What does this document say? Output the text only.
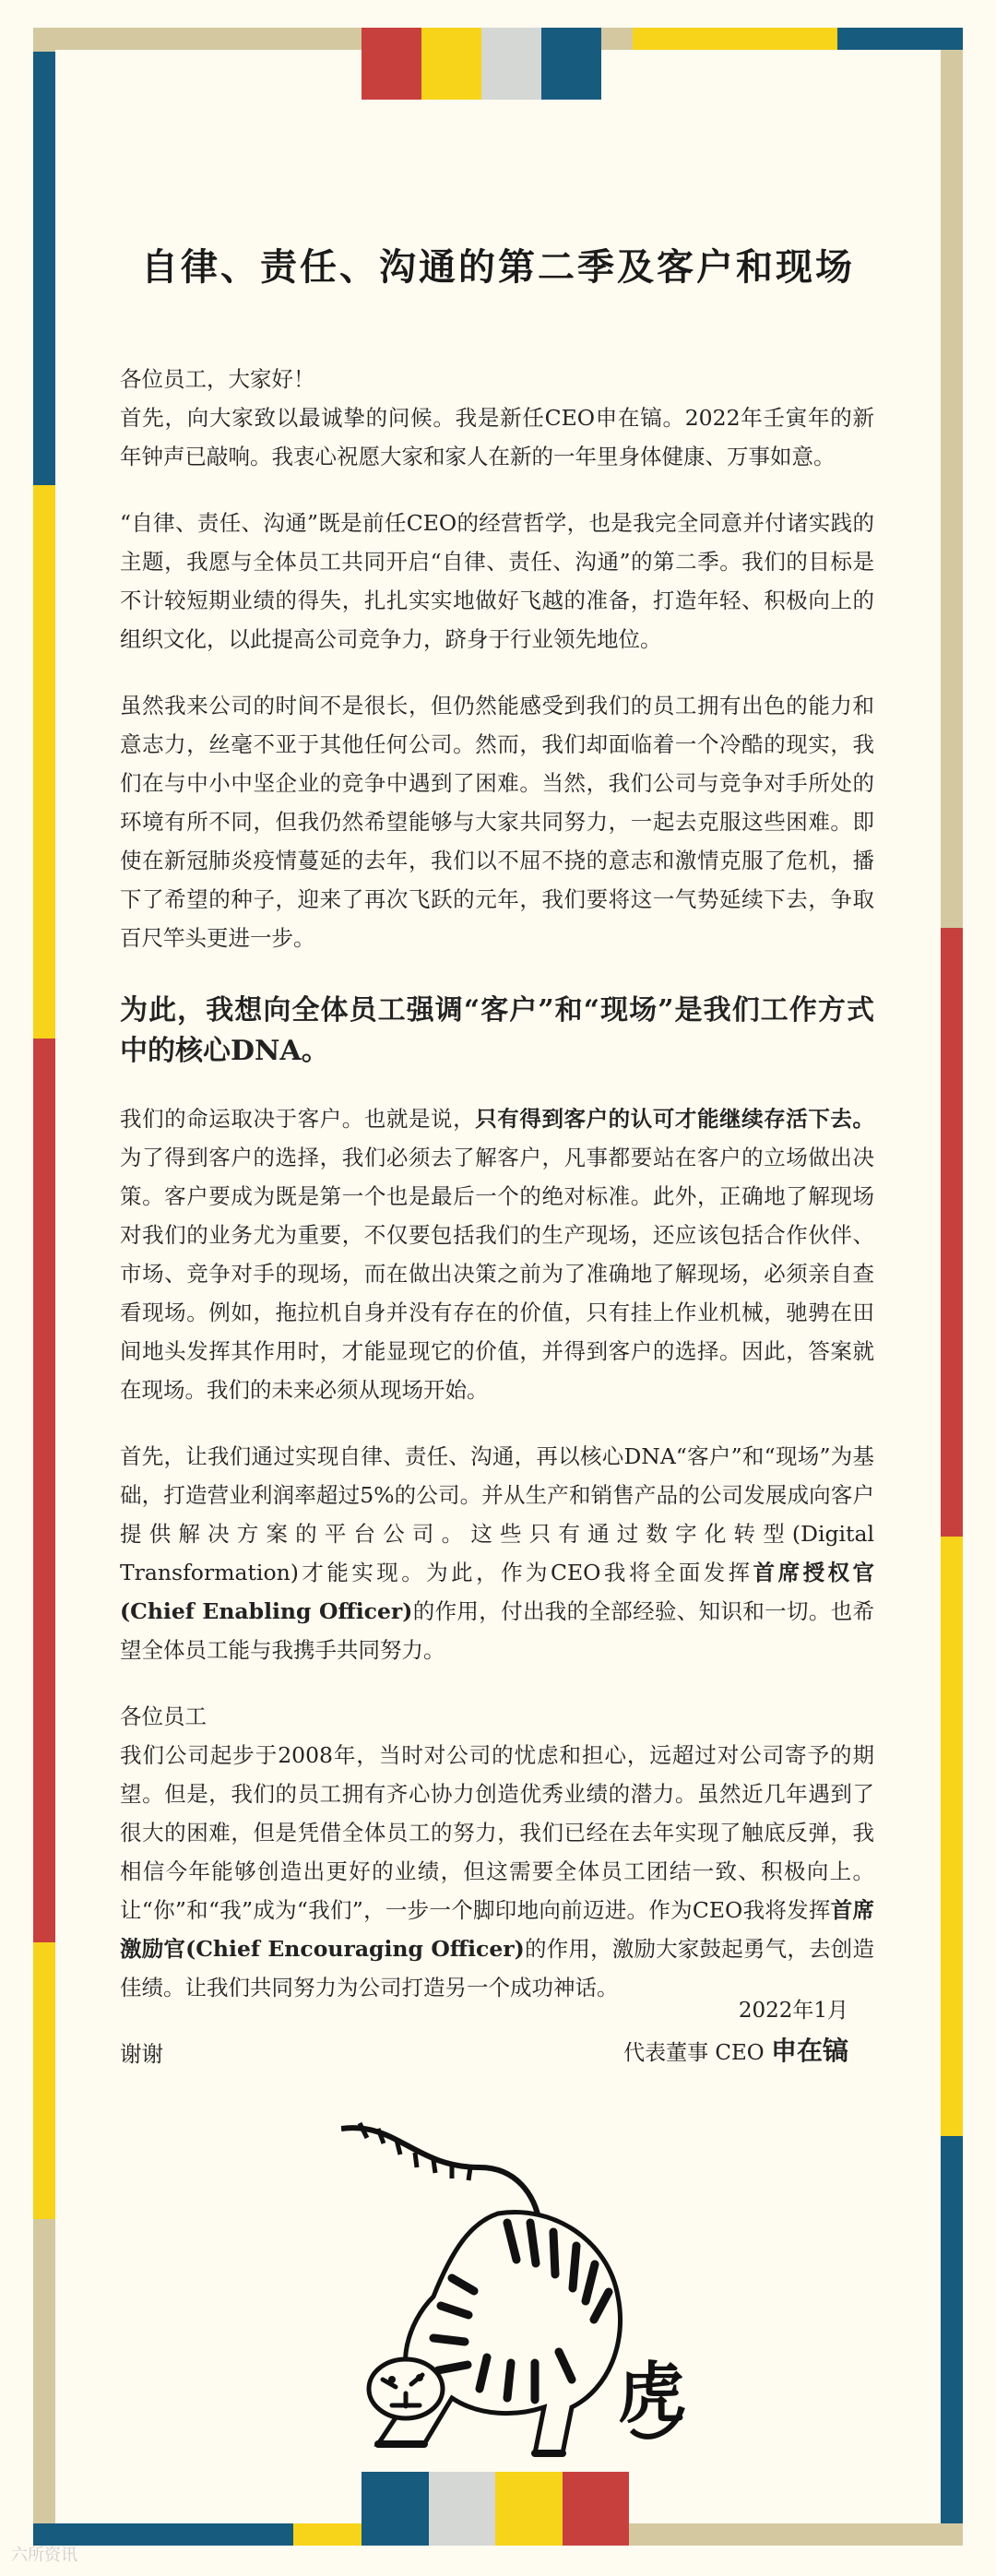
自律、责任、沟通的第二季及客户和现场

各位员工，大家好！

首先，向大家致以最诚挚的问候。我是新任CEO申在镐。2022年壬寅年的新年钟声已敲响。我衷心祝愿大家和家人在新的一年里身体健康、万事如意。

“自律、责任、沟通”既是前任CEO的经营哲学，也是我完全同意并付诸实践的主题，我愿与全体员工共同开启“自律、责任、沟通”的第二季。我们的目标是不计较短期业绩的得失，扎扎实实地做好飞越的准备，打造年轻、积极向上的组织文化，以此提高公司竞争力，跻身于行业领先地位。

虽然我来公司的时间不是很长，但仍然能感受到我们的员工拥有出色的能力和意志力，丝毫不亚于其他任何公司。然而，我们却面临着一个冷酷的现实，我们在与中小中坚企业的竞争中遇到了困难。当然，我们公司与竞争对手所处的环境有所不同，但我仍然希望能够与大家共同努力，一起去克服这些困难。即使在新冠肺炎疫情蔓延的去年，我们以不屈不挠的意志和激情克服了危机，播下了希望的种子，迎来了再次飞跃的元年，我们要将这一气势延续下去，争取百尺竿头更进一步。

为此，我想向全体员工强调“客户”和“现场”是我们工作方式中的核心DNA。

我们的命运取决于客户。也就是说，只有得到客户的认可才能继续存活下去。为了得到客户的选择，我们必须去了解客户，凡事都要站在客户的立场做出决策。客户要成为既是第一个也是最后一个的绝对标准。此外，正确地了解现场对我们的业务尤为重要，不仅要包括我们的生产现场，还应该包括合作伙伴、市场、竞争对手的现场，而在做出决策之前为了准确地了解现场，必须亲自查看现场。例如，拖拉机自身并没有存在的价值，只有挂上作业机械，驰骋在田间地头发挥其作用时，才能显现它的价值，并得到客户的选择。因此，答案就在现场。我们的未来必须从现场开始。

首先，让我们通过实现自律、责任、沟通，再以核心DNA“客户”和“现场”为基础，打造营业利润率超过5%的公司。并从生产和销售产品的公司发展成向客户提供解决方案的平台公司。这些只有通过数字化转型(Digital Transformation)才能实现。为此，作为CEO我将全面发挥首席授权官(Chief Enabling Officer)的作用，付出我的全部经验、知识和一切。也希望全体员工能与我携手共同努力。

各位员工

我们公司起步于2008年，当时对公司的忧虑和担心，远超过对公司寄予的期望。但是，我们的员工拥有齐心协力创造优秀业绩的潜力。虽然近几年遇到了很大的困难，但是凭借全体员工的努力，我们已经在去年实现了触底反弹，我相信今年能够创造出更好的业绩，但这需要全体员工团结一致、积极向上。让“你”和“我”成为“我们”，一步一个脚印地向前迈进。作为CEO我将发挥首席激励官(Chief Encouraging Officer)的作用，激励大家鼓起勇气，去创造佳绩。让我们共同努力为公司打造另一个成功神话。

谢谢

2022年1月
代表董事 CEO 申在镐
虎
六所资讯
